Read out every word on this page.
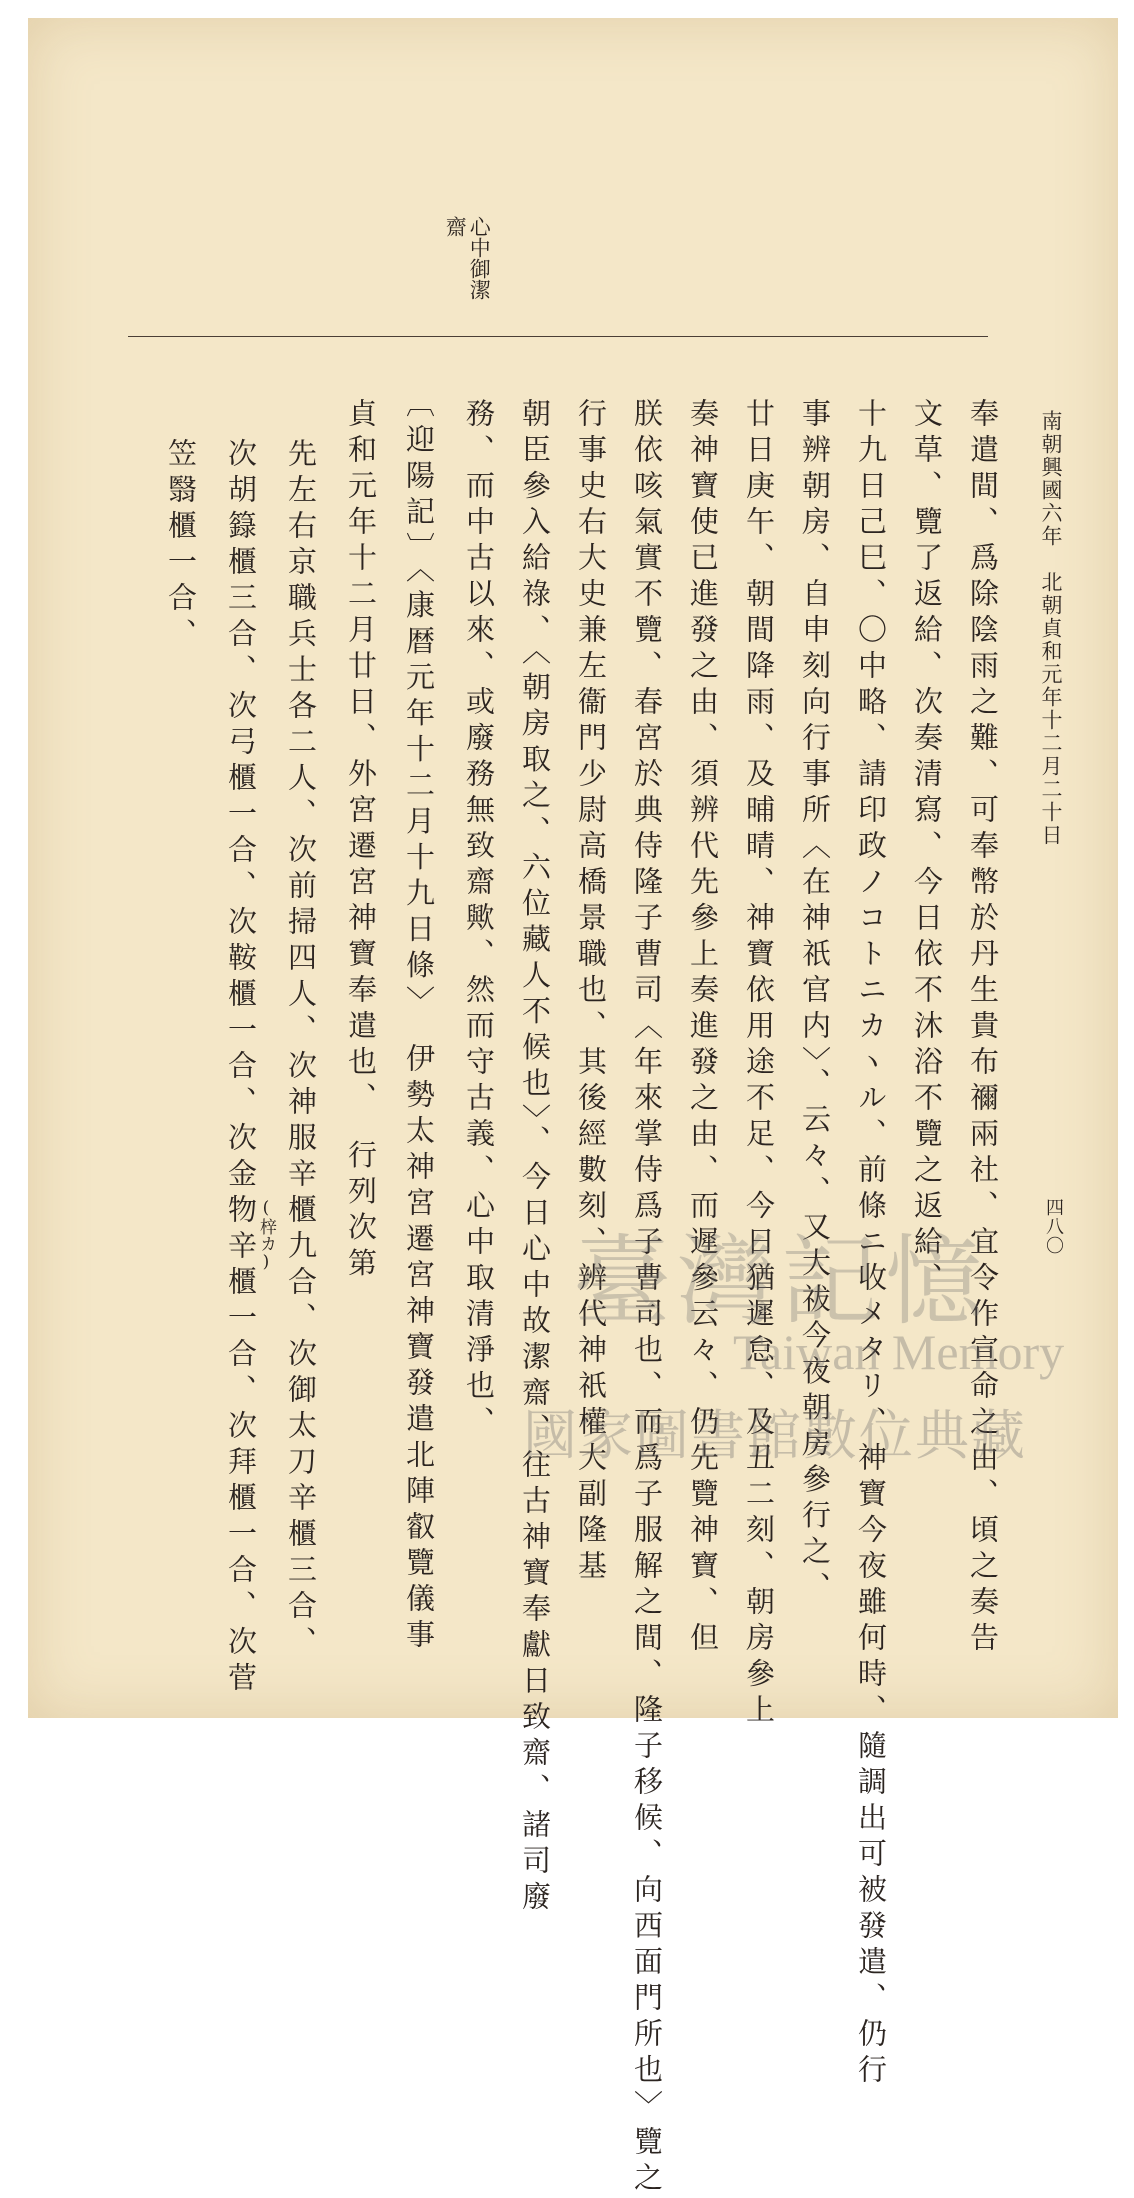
南朝興國六年　北朝貞和元年十二月二十日
四八〇
心中御潔
齋
奉遣間、爲除陰雨之難、可奉幣於丹生貴布禰兩社、宜令作宣命之由、頃之奏告
文草、覽了返給、次奏清寫、今日依不沐浴不覽之返給、
十九日己巳、〇中略、請印政ノコトニカヽル、前條ニ收メタリ、神寶今夜雖何時、隨調出可被發遣、仍行
事辨朝房、自申刻向行事所〈在神祇官内〉、云々、又大祓今夜朝房參行之、
廿日庚午、朝間降雨、及晡晴、神寶依用途不足、今日猶遲怠、及丑二刻、朝房參上
奏神寶使已進發之由、須辨代先參上奏進發之由、而遲參云々、仍先覽神寶、但
朕依咳氣實不覽、春宮於典侍隆子曹司〈年來掌侍爲子曹司也、而爲子服解之間、隆子移候、向西面門所也〉覽之
行事史右大史兼左衞門少尉高橋景職也、其後經數刻、辨代神祇權大副隆基
朝臣參入給祿、〈朝房取之、六位藏人不候也〉、今日心中故潔齋、往古神寶奉獻日致齋、諸司廢
務、而中古以來、或廢務無致齋歟、然而守古義、心中取清淨也、
〔迎陽記〕〈康暦元年十二月十九日條〉　伊勢太神宮遷宮神寶發遣北陣叡覽儀事
貞和元年十二月廿日、外宮遷宮神寶奉遣也、　行列次第
先左右京職兵士各二人、次前掃四人、次神服辛櫃九合、次御太刀辛櫃三合、
次胡籙櫃三合、次弓櫃一合、次鞍櫃一合、次金物辛櫃一合、次拜櫃一合、次菅
笠翳櫃一合、
(梓カ)	臺灣記憶
Taiwan Memory
國家圖書館數位典藏
